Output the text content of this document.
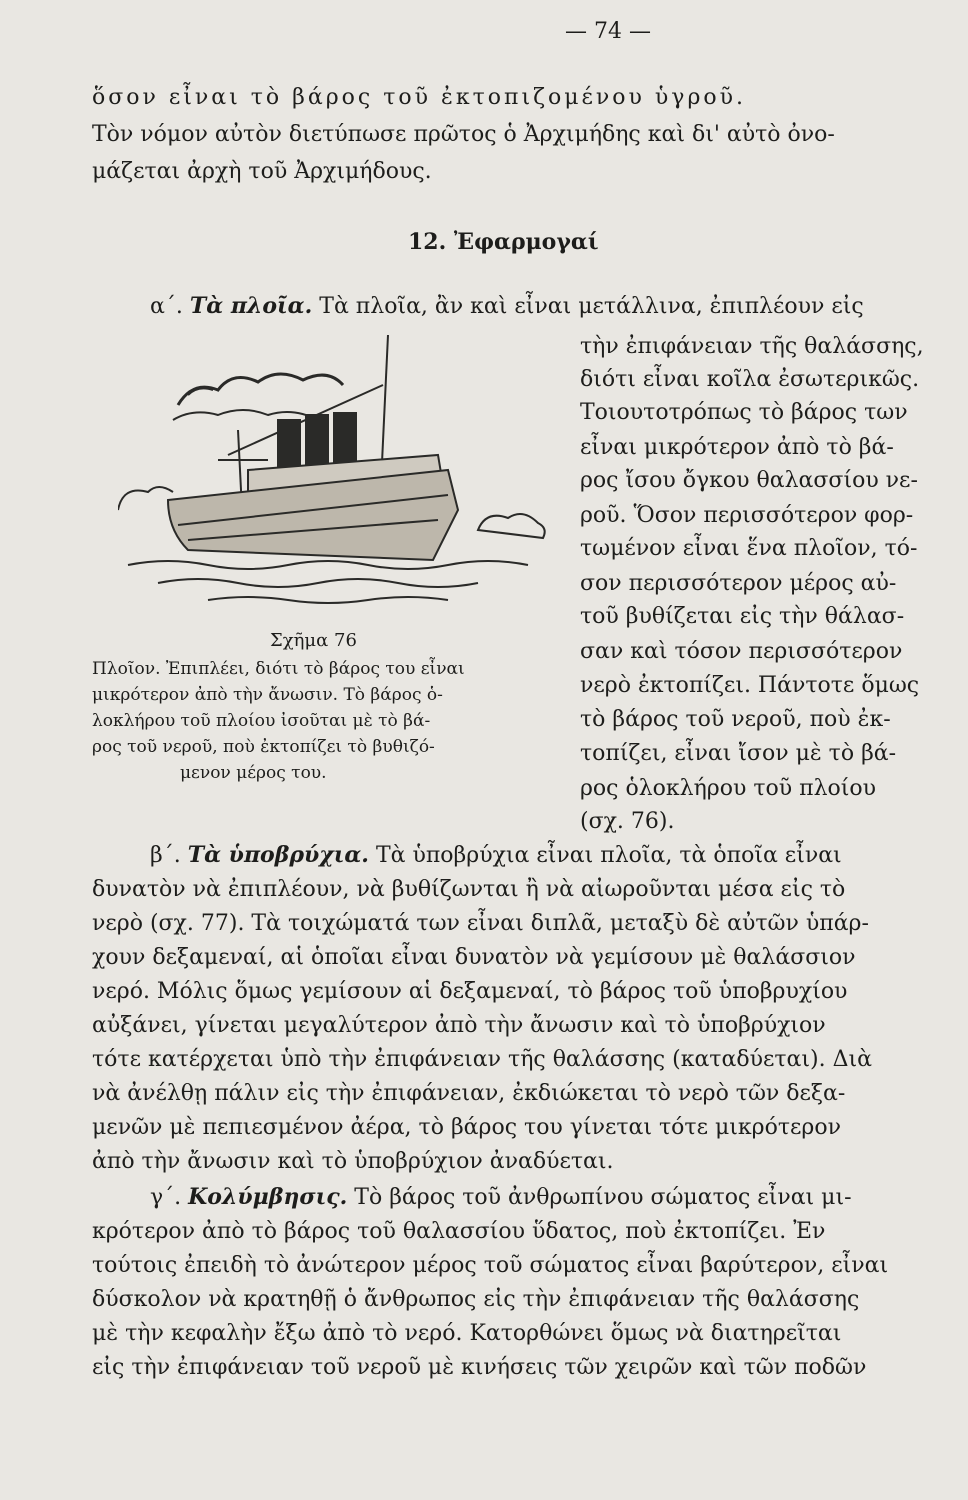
— 74 —
ὅσον εἶναι τὸ βάρος τοῦ ἐκτοπιζομένου ὑγροῦ.
Τὸν νόμον αὐτὸν διετύπωσε πρῶτος ὁ Ἀρχιμήδης καὶ δι' αὐτὸ ὀνο-
μάζεται ἀρχὴ τοῦ Ἀρχιμήδους.
12. Ἐφαρμογαί
α΄. Τὰ πλοῖα. Τὰ πλοῖα, ἂν καὶ εἶναι μετάλλινα, ἐπιπλέουν εἰς
τὴν ἐπιφάνειαν τῆς θαλάσσης,
διότι εἶναι κοῖλα ἐσωτερικῶς.
Τοιουτοτρόπως τὸ βάρος των
εἶναι μικρότερον ἀπὸ τὸ βά-
ρος ἴσου ὄγκου θαλασσίου νε-
ροῦ. Ὅσον περισσότερον φορ-
τωμένον εἶναι ἕνα πλοῖον, τό-
σον περισσότερον μέρος αὐ-
τοῦ βυθίζεται εἰς τὴν θάλασ-
σαν καὶ τόσον περισσότερον
νερὸ ἐκτοπίζει. Πάντοτε ὅμως
τὸ βάρος τοῦ νεροῦ, ποὺ ἐκ-
τοπίζει, εἶναι ἴσον μὲ τὸ βά-
ρος ὁλοκλήρου τοῦ πλοίου
(σχ. 76).
Σχῆμα 76
Πλοῖον. Ἐπιπλέει, διότι τὸ βάρος του εἶναι
μικρότερον ἀπὸ τὴν ἄνωσιν. Τὸ βάρος ὁ-
λοκλήρου τοῦ πλοίου ἰσοῦται μὲ τὸ βά-
ρος τοῦ νεροῦ, ποὺ ἐκτοπίζει τὸ βυθιζό-
μενον μέρος του.
β΄. Τὰ ὑποβρύχια. Τὰ ὑποβρύχια εἶναι πλοῖα, τὰ ὁποῖα εἶναι
δυνατὸν νὰ ἐπιπλέουν, νὰ βυθίζωνται ἢ νὰ αἰωροῦνται μέσα εἰς τὸ
νερὸ (σχ. 77). Τὰ τοιχώματά των εἶναι διπλᾶ, μεταξὺ δὲ αὐτῶν ὑπάρ-
χουν δεξαμεναί, αἱ ὁποῖαι εἶναι δυνατὸν νὰ γεμίσουν μὲ θαλάσσιον
νερό. Μόλις ὅμως γεμίσουν αἱ δεξαμεναί, τὸ βάρος τοῦ ὑποβρυχίου
αὐξάνει, γίνεται μεγαλύτερον ἀπὸ τὴν ἄνωσιν καὶ τὸ ὑποβρύχιον
τότε κατέρχεται ὑπὸ τὴν ἐπιφάνειαν τῆς θαλάσσης (καταδύεται). Διὰ
νὰ ἀνέλθῃ πάλιν εἰς τὴν ἐπιφάνειαν, ἐκδιώκεται τὸ νερὸ τῶν δεξα-
μενῶν μὲ πεπιεσμένον ἀέρα, τὸ βάρος του γίνεται τότε μικρότερον
ἀπὸ τὴν ἄνωσιν καὶ τὸ ὑποβρύχιον ἀναδύεται.
γ΄. Κολύμβησις. Τὸ βάρος τοῦ ἀνθρωπίνου σώματος εἶναι μι-
κρότερον ἀπὸ τὸ βάρος τοῦ θαλασσίου ὕδατος, ποὺ ἐκτοπίζει. Ἐν
τούτοις ἐπειδὴ τὸ ἀνώτερον μέρος τοῦ σώματος εἶναι βαρύτερον, εἶναι
δύσκολον νὰ κρατηθῇ ὁ ἄνθρωπος εἰς τὴν ἐπιφάνειαν τῆς θαλάσσης
μὲ τὴν κεφαλὴν ἔξω ἀπὸ τὸ νερό. Κατορθώνει ὅμως νὰ διατηρεῖται
εἰς τὴν ἐπιφάνειαν τοῦ νεροῦ μὲ κινήσεις τῶν χειρῶν καὶ τῶν ποδῶν
